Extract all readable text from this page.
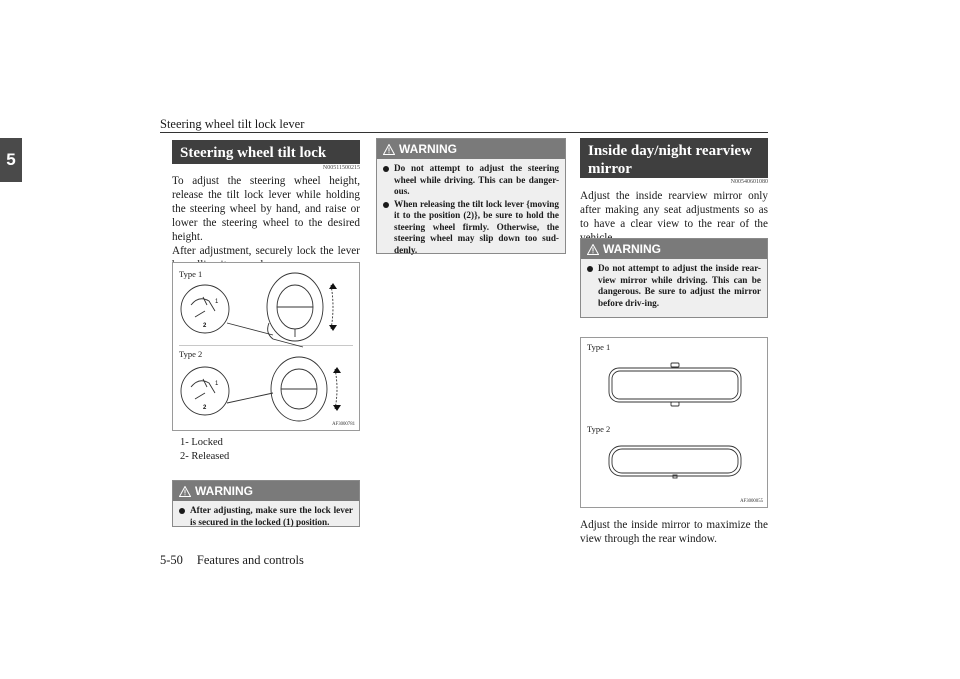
Steering wheel tilt lock lever
5	Steering wheel tilt lock lever	N00511500215
To adjust the steering wheel height, release the tilt lock lever while holding the steering wheel by hand, and raise or lower the steering wheel to the desired height.
After adjustment, securely lock the lever
Type 1
Type 2
1
2
1
2
AF3000781
1- Locked
2- Released
WARNING
After adjusting, make sure the lock lever is secured in the locked (1) position.
WARNING
Do not attempt to adjust the steering wheel while driving. This can be danger-ous.
When releasing the tilt lock lever {moving it to the position (2)}, be sure to hold the steering wheel firmly. Otherwise, the steering wheel may slip down too sud-denly.
Inside day/night rearview mirror
N00540601080
Adjust the inside rearview mirror only after making any seat adjustments so as to have a clear view to the rear of the
WARNING
Do not attempt to adjust the inside rear-view mirror while driving. This can be dangerous. Be sure to adjust the mirror before driv-ing.
Type 1
Type 2
AF3000055
Adjust the inside mirror to maximize the view through the rear window.
5-50 Features and controls
